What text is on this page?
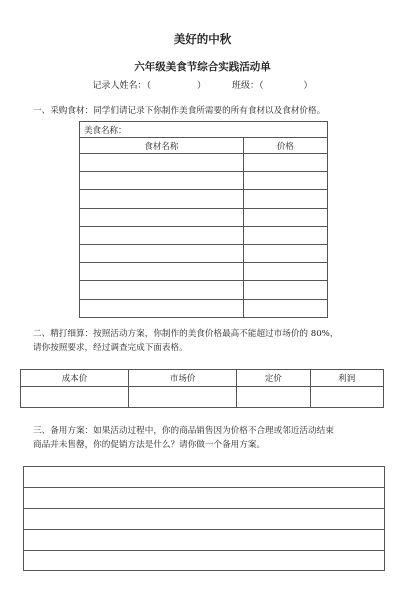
美好的中秋
六年级美食节综合实践活动单
记录人姓名：（	）	班级：（	）
一、采购食材：同学们请记录下你制作美食所需要的所有食材以及食材价格。
美食名称：	
食材名称	价格

二、精打细算：按照活动方案，你制作的美食价格最高不能超过市场价的 80%，
请你按照要求，经过调查完成下面表格。
成本价	市场价	定价	利润

三、备用方案：如果活动过程中，你的商品销售因为价格不合理或邻近活动结束
商品并未售罄，你的促销方法是什么？请你做一个备用方案。
